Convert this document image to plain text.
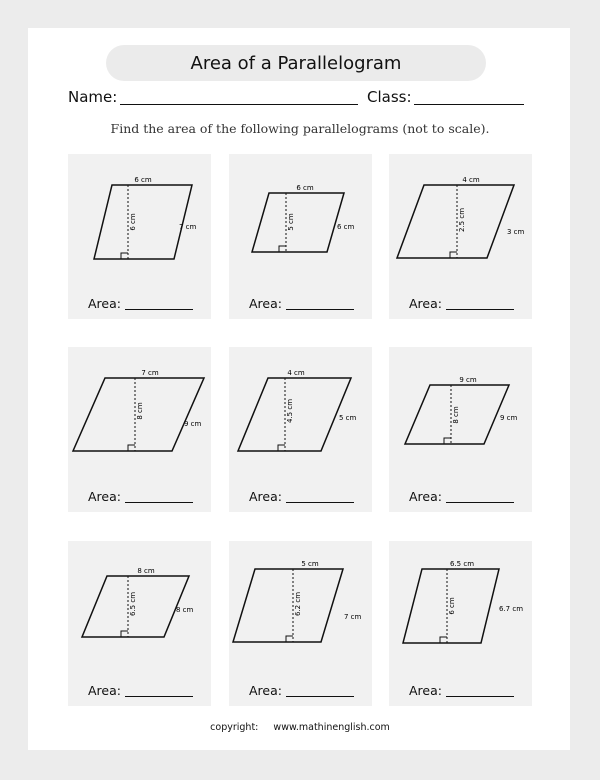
Area of a Parallelogram
Name:	Class:
Find the area of the following parallelograms (not to scale).
6 cm
6 cm	7 cm
Area:
6 cm
5 cm	6 cm
Area:
4 cm
2.5 cm	3 cm
Area:
7 cm
8 cm
9 cm
Area:
4 cm
4.5 cm	5 cm
Area:
9 cm
8 cm	9 cm
Area:
8 cm
6.5 cm	8 cm
Area:
5 cm
6.2 cm
7 cm
Area:
6.5 cm
6 cm	6.7 cm
Area:
copyright: www.mathinenglish.com
